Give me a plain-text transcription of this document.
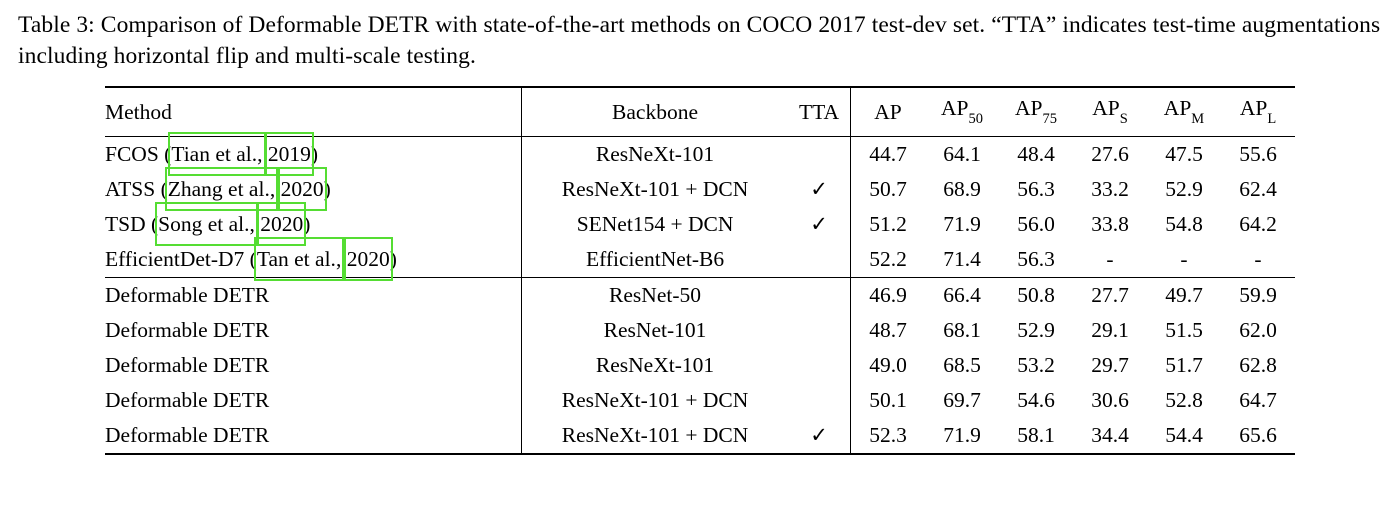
Table 3: Comparison of Deformable DETR with state-of-the-art methods on COCO 2017 test-dev set. “TTA” indicates test-time augmentations including horizontal flip and multi-scale testing.

Method	Backbone	TTA	AP	$AP_{50}$	$AP_{75}$	$AP_S$	$AP_M$	$AP_L$

FCOS (Tian et al., 2019)	ResNeXt-101		44.7	64.1	48.4	27.6	47.5	55.6
ATSS (Zhang et al., 2020)	ResNeXt-101 + DCN	✓	50.7	68.9	56.3	33.2	52.9	62.4
TSD (Song et al., 2020)	SENet154 + DCN	✓	51.2	71.9	56.0	33.8	54.8	64.2
EfficientDet-D7 (Tan et al., 2020)	EfficientNet-B6		52.2	71.4	56.3	-	-	-

Deformable DETR	ResNet-50		46.9	66.4	50.8	27.7	49.7	59.9
Deformable DETR	ResNet-101		48.7	68.1	52.9	29.1	51.5	62.0
Deformable DETR	ResNeXt-101		49.0	68.5	53.2	29.7	51.7	62.8
Deformable DETR	ResNeXt-101 + DCN		50.1	69.7	54.6	30.6	52.8	64.7
Deformable DETR	ResNeXt-101 + DCN	✓	52.3	71.9	58.1	34.4	54.4	65.6
